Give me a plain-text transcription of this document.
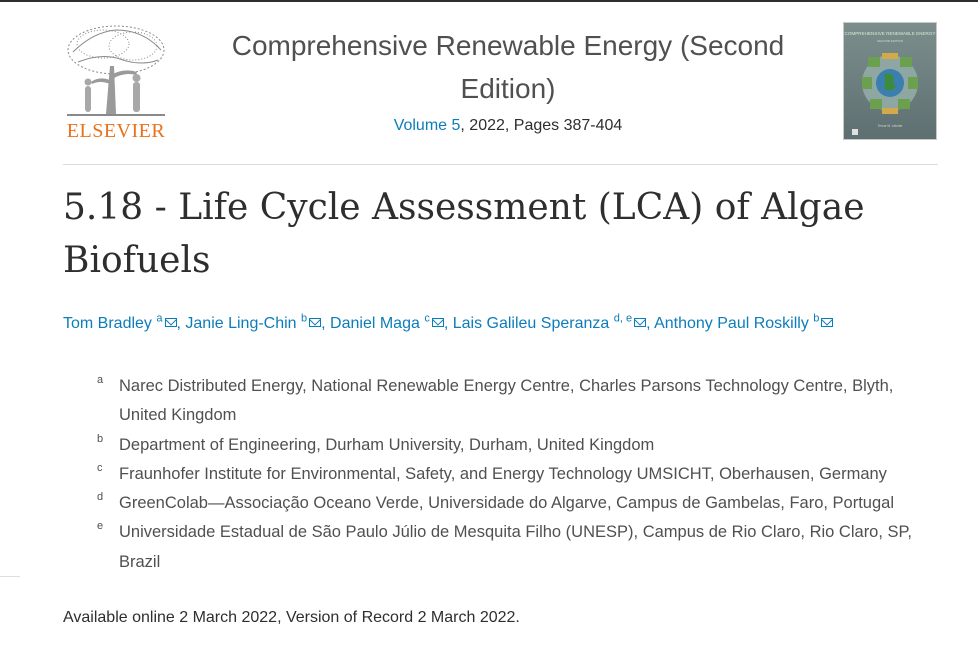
ELSEVIER
Comprehensive Renewable Energy (Second Edition)
Volume 5, 2022, Pages 387-404
COMPREHENSIVE RENEWABLE ENERGY
SECOND EDITION
Trevor M. Letcher
5.18 - Life Cycle Assessment (LCA) of Algae Biofuels
Tom Bradley $^a$ , Janie Ling-Chin $^b$ , Daniel Maga $^c$ , Lais Galileu Speranza $^{d, e}$ , Anthony Paul Roskilly $^b$
a Narec Distributed Energy, National Renewable Energy Centre, Charles Parsons Technology Centre, Blyth, United Kingdom
b Department of Engineering, Durham University, Durham, United Kingdom
c Fraunhofer Institute for Environmental, Safety, and Energy Technology UMSICHT, Oberhausen, Germany
d GreenColab—Associação Oceano Verde, Universidade do Algarve, Campus de Gambelas, Faro, Portugal
e Universidade Estadual de São Paulo Júlio de Mesquita Filho (UNESP), Campus de Rio Claro, Rio Claro, SP, Brazil
Available online 2 March 2022, Version of Record 2 March 2022.
